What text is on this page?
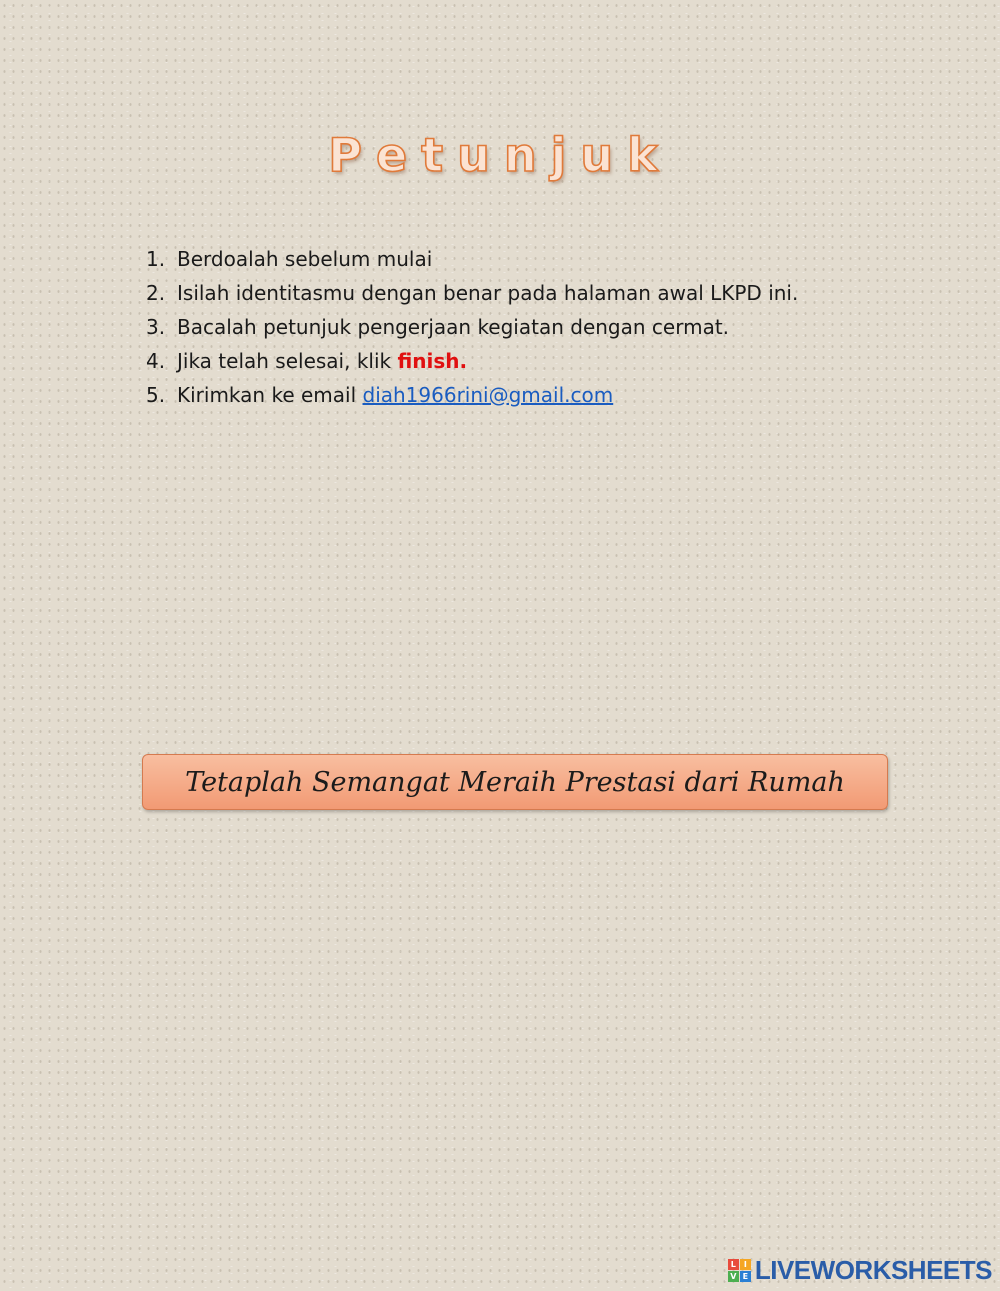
Petunjuk
1. Berdoalah sebelum mulai
2. Isilah identitasmu dengan benar pada halaman awal LKPD ini.
3. Bacalah petunjuk pengerjaan kegiatan dengan cermat.
4. Jika telah selesai, klik finish.
5. Kirimkan ke email diah1966rini@gmail.com
Tetaplah Semangat Meraih Prestasi dari Rumah
L I
V E LIVEWORKSHEETS
